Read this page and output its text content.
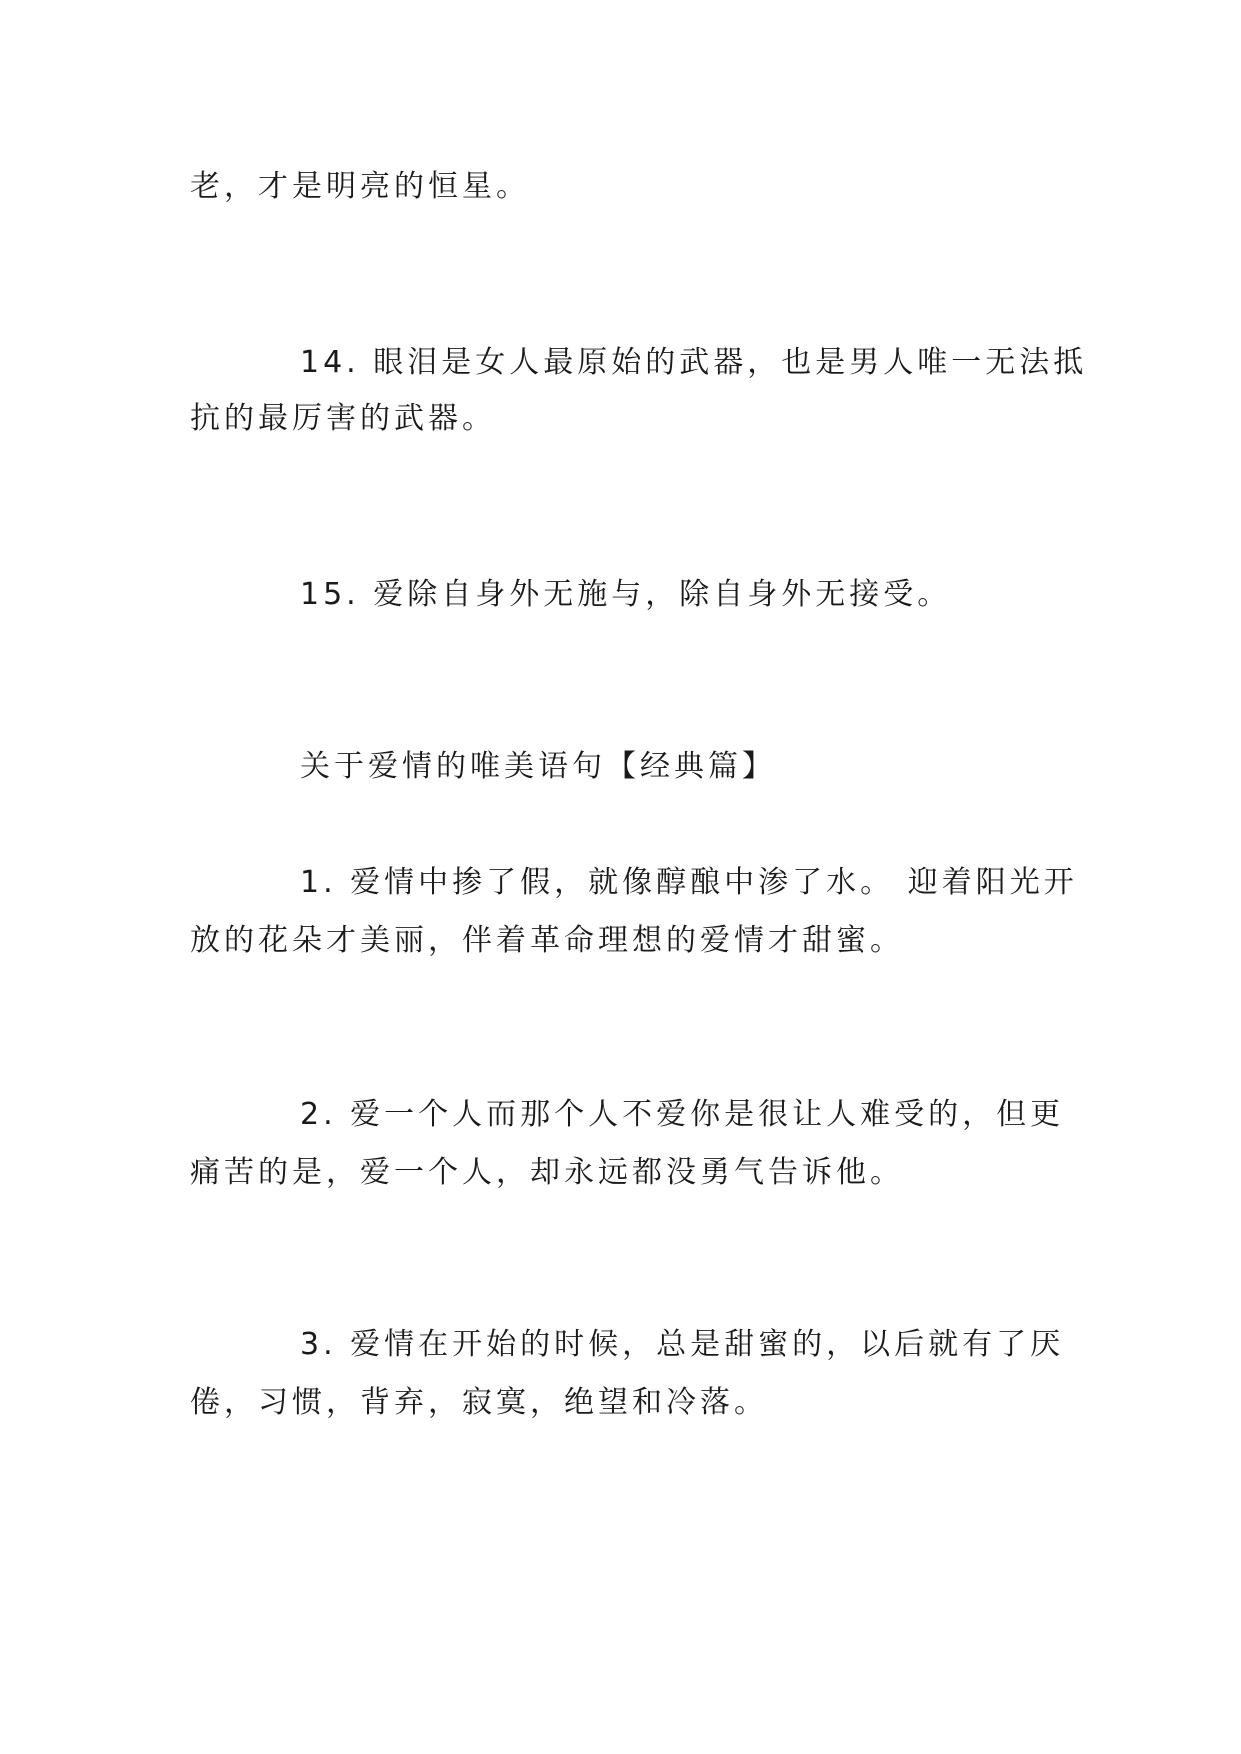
老，才是明亮的恒星。
14. 眼泪是女人最原始的武器，也是男人唯一无法抵
抗的最厉害的武器。
15. 爱除自身外无施与，除自身外无接受。
关于爱情的唯美语句【经典篇】
1. 爱情中掺了假，就像醇酿中渗了水。 迎着阳光开
放的花朵才美丽，伴着革命理想的爱情才甜蜜。
2. 爱一个人而那个人不爱你是很让人难受的，但更
痛苦的是，爱一个人，却永远都没勇气告诉他。
3. 爱情在开始的时候，总是甜蜜的，以后就有了厌
倦，习惯，背弃，寂寞，绝望和冷落。
